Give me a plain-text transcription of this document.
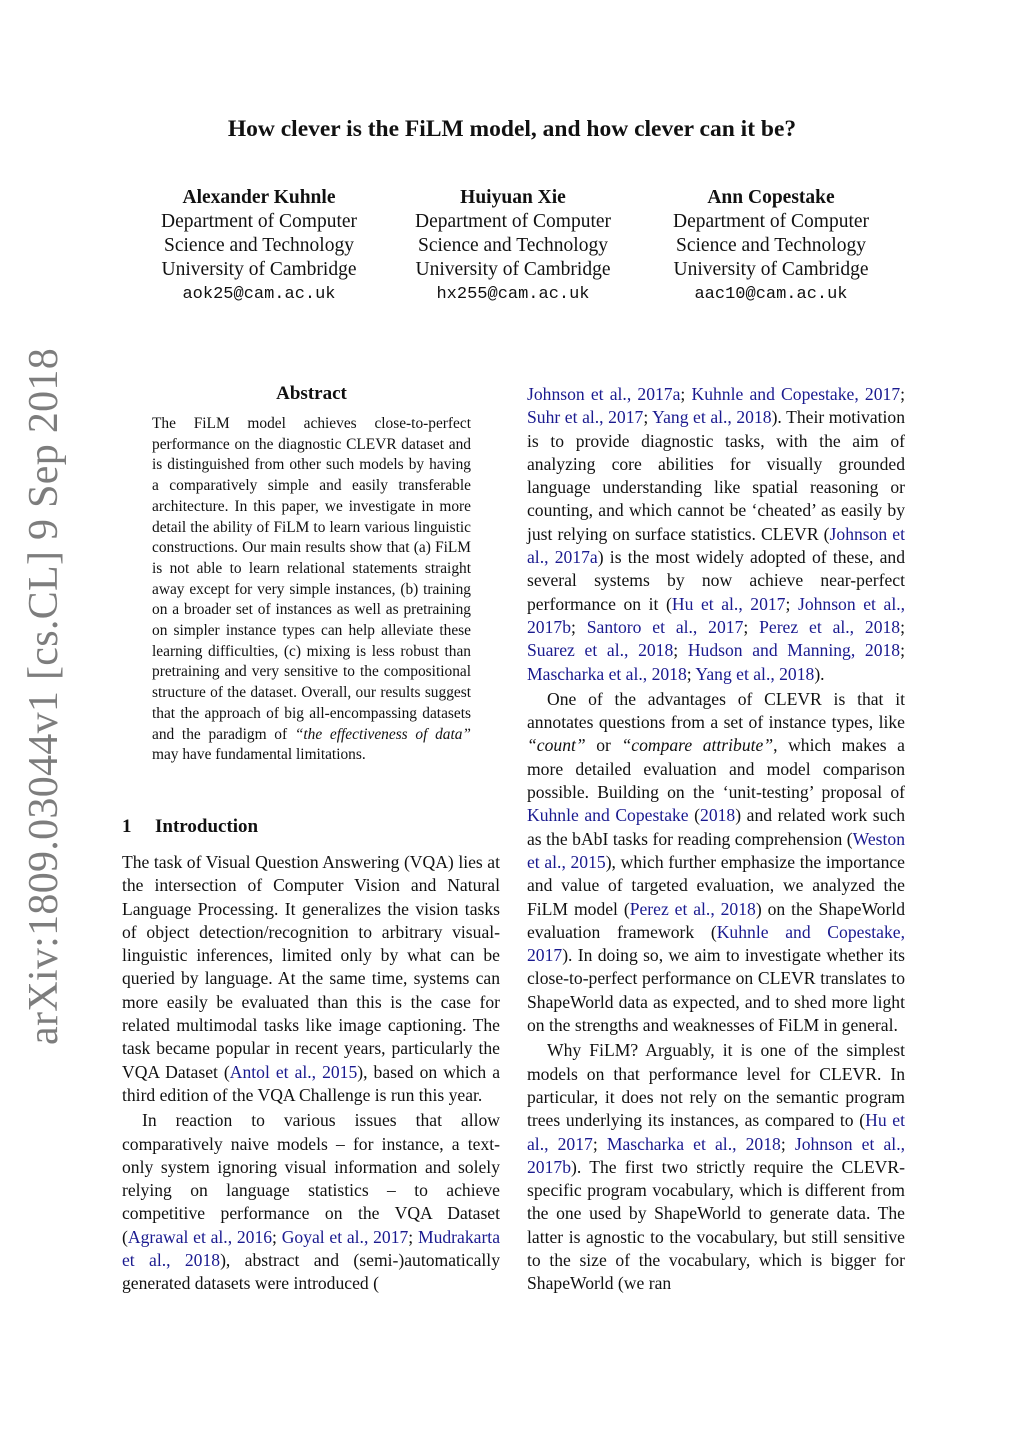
How clever is the FiLM model, and how clever can it be?
Alexander Kuhnle
Department of Computer
Science and Technology
University of Cambridge
aok25@cam.ac.uk
Huiyuan Xie
Department of Computer
Science and Technology
University of Cambridge
hx255@cam.ac.uk
Ann Copestake
Department of Computer
Science and Technology
University of Cambridge
aac10@cam.ac.uk
arXiv:1809.03044v1 [cs.CL] 9 Sep 2018	Abstract

The FiLM model achieves close-to-perfect performance on the diagnostic CLEVR dataset and is distinguished from other such models by having a comparatively simple and easily transferable architecture. In this paper, we investigate in more detail the ability of FiLM to learn various linguistic constructions. Our main results show that (a) FiLM is not able to learn relational statements straight away except for very simple instances, (b) training on a broader set of instances as well as pretraining on simpler instance types can help alleviate these learning difficulties, (c) mixing is less robust than pretraining and very sensitive to the compositional structure of the dataset. Overall, our results suggest that the approach of big all-encompassing datasets and the paradigm of “the effectiveness of data” may have fundamental limitations.

1 Introduction

The task of Visual Question Answering (VQA) lies at the intersection of Computer Vision and Natural Language Processing. It generalizes the vision tasks of object detection/recognition to arbitrary visual-linguistic inferences, limited only by what can be queried by language. At the same time, systems can more easily be evaluated than this is the case for related multimodal tasks like image captioning. The task became popular in recent years, particularly the VQA Dataset (Antol et al., 2015), based on which a third edition of the VQA Challenge is run this year.

In reaction to various issues that allow comparatively naive models – for instance, a text-only system ignoring visual information and solely relying on language statistics – to achieve competitive performance on the VQA Dataset (Agrawal et al., 2016; Goyal et al., 2017; Mudrakarta et al., 2018), abstract and (semi-)automatically generated datasets were introduced (

Johnson et al., 2017a; Kuhnle and Copestake, 2017; Suhr et al., 2017; Yang et al., 2018). Their motivation is to provide diagnostic tasks, with the aim of analyzing core abilities for visually grounded language understanding like spatial reasoning or counting, and which cannot be ‘cheated’ as easily by just relying on surface statistics. CLEVR (Johnson et al., 2017a) is the most widely adopted of these, and several systems by now achieve near-perfect performance on it (Hu et al., 2017; Johnson et al., 2017b; Santoro et al., 2017; Perez et al., 2018; Suarez et al., 2018; Hudson and Manning, 2018; Mascharka et al., 2018; Yang et al., 2018).

One of the advantages of CLEVR is that it annotates questions from a set of instance types, like “count” or “compare attribute”, which makes a more detailed evaluation and model comparison possible. Building on the ‘unit-testing’ proposal of Kuhnle and Copestake (2018) and related work such as the bAbI tasks for reading comprehension (Weston et al., 2015), which further emphasize the importance and value of targeted evaluation, we analyzed the FiLM model (Perez et al., 2018) on the ShapeWorld evaluation framework (Kuhnle and Copestake, 2017). In doing so, we aim to investigate whether its close-to-perfect performance on CLEVR translates to ShapeWorld data as expected, and to shed more light on the strengths and weaknesses of FiLM in general.

Why FiLM? Arguably, it is one of the simplest models on that performance level for CLEVR. In particular, it does not rely on the semantic program trees underlying its instances, as compared to (Hu et al., 2017; Mascharka et al., 2018; Johnson et al., 2017b). The first two strictly require the CLEVR-specific program vocabulary, which is different from the one used by ShapeWorld to generate data. The latter is agnostic to the vocabulary, but still sensitive to the size of the vocabulary, which is bigger for ShapeWorld (we ran
